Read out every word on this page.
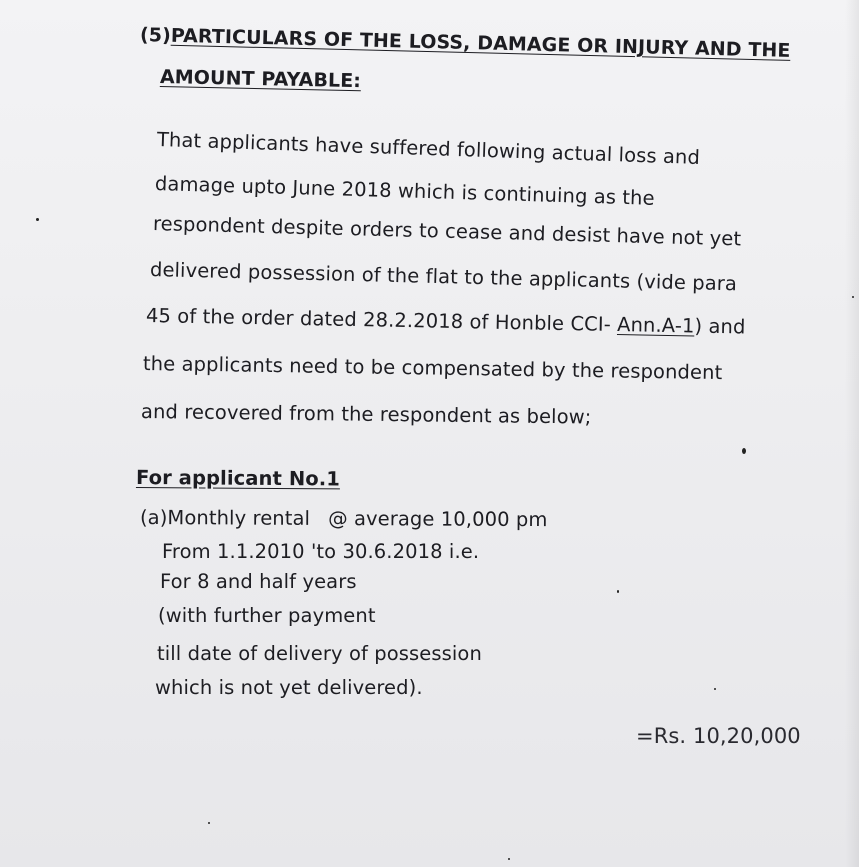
(5)PARTICULARS OF THE LOSS, DAMAGE OR INJURY AND THE
AMOUNT PAYABLE:
That applicants have suffered following actual loss and
damage upto June 2018 which is continuing as the
respondent despite orders to cease and desist have not yet
delivered possession of the flat to the applicants (vide para
45 of the order dated 28.2.2018 of Honble CCI- Ann.A-1) and
the applicants need to be compensated by the respondent
and recovered from the respondent as below;
For applicant No.1
(a)Monthly rental @ average 10,000 pm
From 1.1.2010 'to 30.6.2018 i.e.
For 8 and half years
(with further payment
till date of delivery of possession
which is not yet delivered).
=Rs. 10,20,000
